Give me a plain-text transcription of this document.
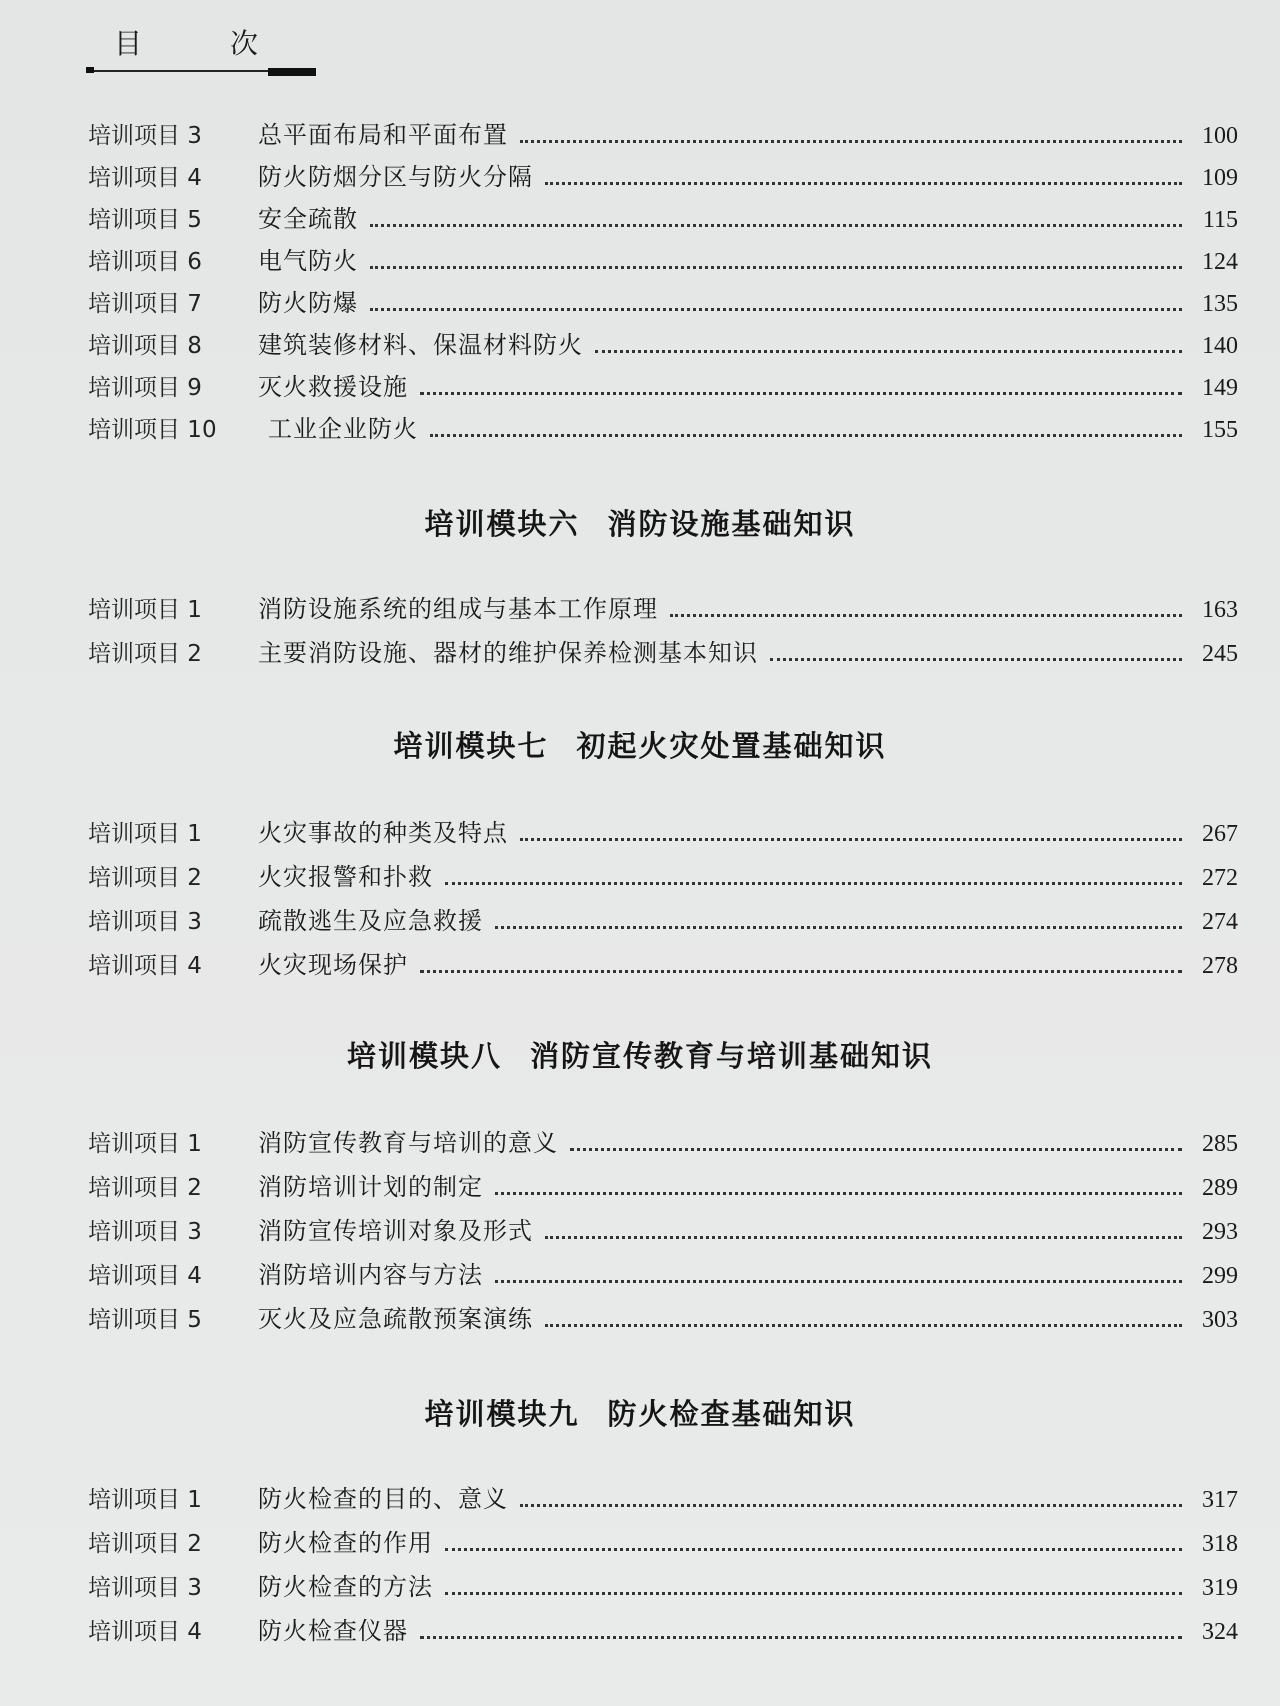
目	次
培训项目 3	总平面布局和平面布置	100
培训项目 4	防火防烟分区与防火分隔	109
培训项目 5	安全疏散	115
培训项目 6	电气防火	124
培训项目 7	防火防爆	135
培训项目 8	建筑装修材料、保温材料防火	140
培训项目 9	灭火救援设施	149
培训项目 10	工业企业防火	155
培训模块六 消防设施基础知识
培训项目 1	消防设施系统的组成与基本工作原理	163
培训项目 2	主要消防设施、器材的维护保养检测基本知识	245
培训模块七 初起火灾处置基础知识
培训项目 1	火灾事故的种类及特点	267
培训项目 2	火灾报警和扑救	272
培训项目 3	疏散逃生及应急救援	274
培训项目 4	火灾现场保护	278
培训模块八 消防宣传教育与培训基础知识
培训项目 1	消防宣传教育与培训的意义	285
培训项目 2	消防培训计划的制定	289
培训项目 3	消防宣传培训对象及形式	293
培训项目 4	消防培训内容与方法	299
培训项目 5	灭火及应急疏散预案演练	303
培训模块九 防火检查基础知识
培训项目 1	防火检查的目的、意义	317
培训项目 2	防火检查的作用	318
培训项目 3	防火检查的方法	319
培训项目 4	防火检查仪器	324
